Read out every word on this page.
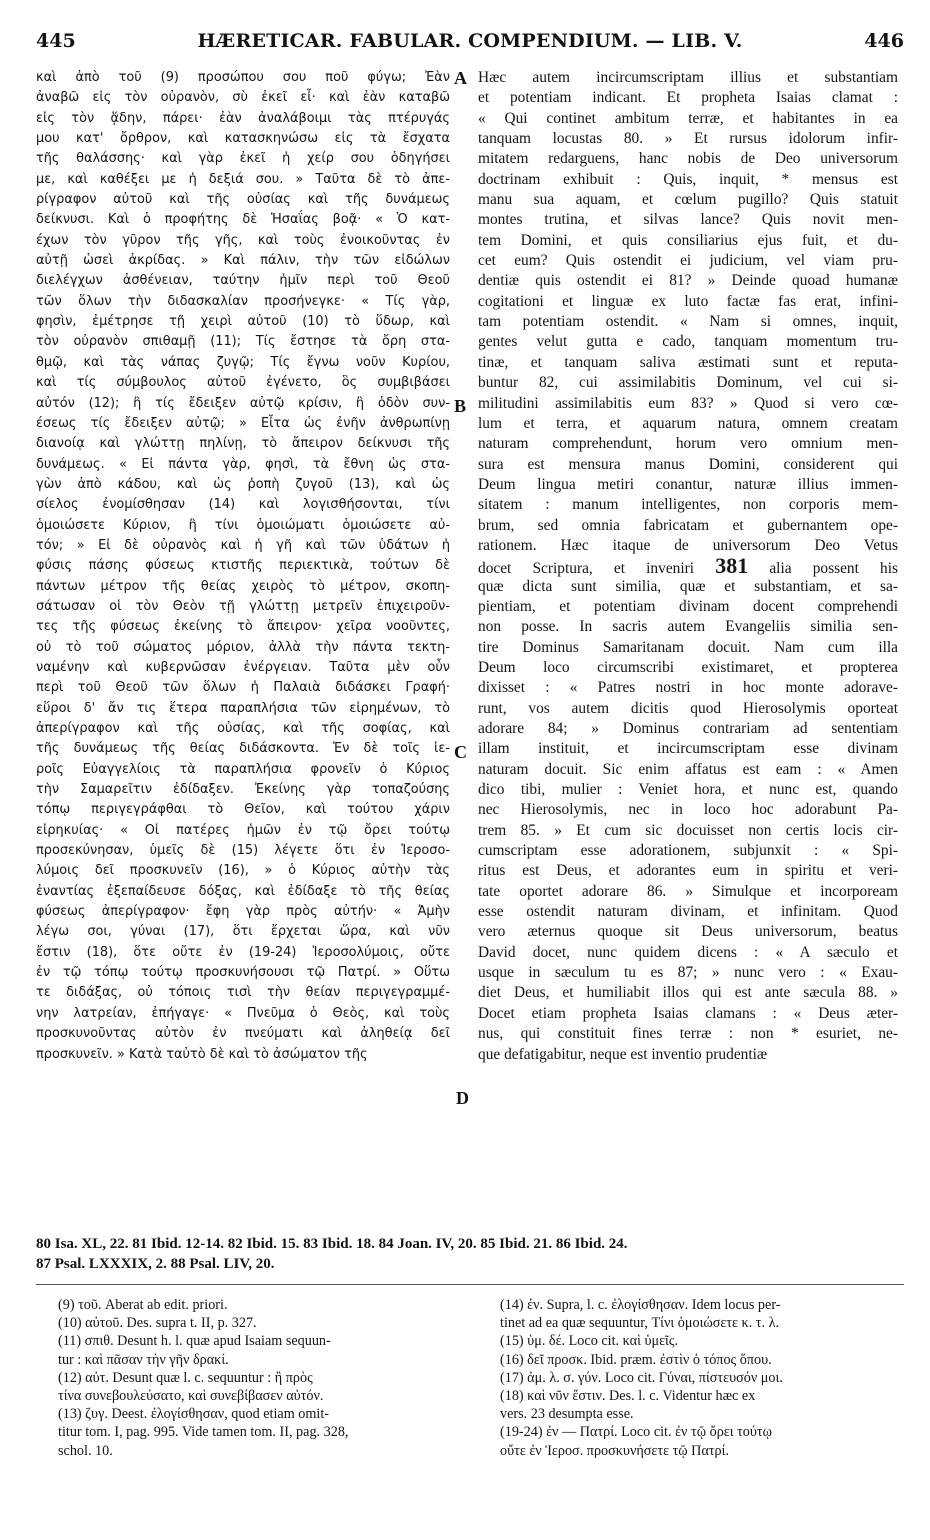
445	HÆRETICAR. FABULAR. COMPENDIUM. — LIB. V.	446
καὶ ἀπὸ τοῦ (9) προσώπου σου ποῦ φύγω; Ἐὰν
ἀναβῶ εἰς τὸν οὐρανὸν, σὺ ἐκεῖ εἶ· καὶ ἐὰν καταβῶ
εἰς τὸν ᾅδην, πάρει· ἐὰν ἀναλάβοιμι τὰς πτέρυγάς
μου κατ' ὄρθρον, καὶ κατασκηνώσω εἰς τὰ ἔσχατα
τῆς θαλάσσης· καὶ γὰρ ἐκεῖ ἡ χείρ σου ὁδηγήσει
με, καὶ καθέξει με ἡ δεξιά σου. » Ταῦτα δὲ τὸ ἀπε-
ρίγραφον αὐτοῦ καὶ τῆς οὐσίας καὶ τῆς δυνάμεως
δείκνυσι. Καὶ ὁ προφήτης δὲ Ἡσαΐας βοᾷ· « Ὁ κατ-
έχων τὸν γῦρον τῆς γῆς, καὶ τοὺς ἐνοικοῦντας ἐν
αὐτῇ ὡσεὶ ἀκρίδας. » Καὶ πάλιν, τὴν τῶν εἰδώλων
διελέγχων ἀσθένειαν, ταύτην ἡμῖν περὶ τοῦ Θεοῦ
τῶν ὅλων τὴν διδασκαλίαν προσήνεγκε· « Τίς γὰρ,
φησὶν, ἐμέτρησε τῇ χειρὶ αὐτοῦ (10) τὸ ὕδωρ, καὶ
τὸν οὐρανὸν σπιθαμῇ (11); Τίς ἔστησε τὰ ὄρη στα-
θμῷ, καὶ τὰς νάπας ζυγῷ; Τίς ἔγνω νοῦν Κυρίου,
καὶ τίς σύμβουλος αὐτοῦ ἐγένετο, ὃς συμβιβάσει
αὐτόν (12); ἢ τίς ἔδειξεν αὐτῷ κρίσιν, ἢ ὁδὸν συν-
έσεως τίς ἔδειξεν αὐτῷ; » Εἶτα ὡς ἐνῆν ἀνθρωπίνῃ
διανοίᾳ καὶ γλώττῃ πηλίνῃ, τὸ ἄπειρον δείκνυσι τῆς
δυνάμεως. « Εἰ πάντα γὰρ, φησὶ, τὰ ἔθνη ὡς στα-
γὼν ἀπὸ κάδου, καὶ ὡς ῥοπὴ ζυγοῦ (13), καὶ ὡς
σίελος ἐνομίσθησαν (14) καὶ λογισθήσονται, τίνι
ὁμοιώσετε Κύριον, ἢ τίνι ὁμοιώματι ὁμοιώσετε αὐ-
τόν; » Εἰ δὲ οὐρανὸς καὶ ἡ γῆ καὶ τῶν ὑδάτων ἡ
φύσις πάσης φύσεως κτιστῆς περιεκτικὰ, τούτων δὲ
πάντων μέτρον τῆς θείας χειρὸς τὸ μέτρον, σκοπη-
σάτωσαν οἱ τὸν Θεὸν τῇ γλώττῃ μετρεῖν ἐπιχειροῦν-
τες τῆς φύσεως ἐκείνης τὸ ἄπειρον· χεῖρα νοοῦντες,
οὐ τὸ τοῦ σώματος μόριον, ἀλλὰ τὴν πάντα τεκτη-
ναμένην καὶ κυβερνῶσαν ἐνέργειαν. Ταῦτα μὲν οὖν
περὶ τοῦ Θεοῦ τῶν ὅλων ἡ Παλαιὰ διδάσκει Γραφή·
εὕροι δ' ἄν τις ἕτερα παραπλήσια τῶν εἰρημένων, τὸ
ἀπερίγραφον καὶ τῆς οὐσίας, καὶ τῆς σοφίας, καὶ
τῆς δυνάμεως τῆς θείας διδάσκοντα. Ἐν δὲ τοῖς ἱε-
ροῖς Εὐαγγελίοις τὰ παραπλήσια φρονεῖν ὁ Κύριος
τὴν Σαμαρεῖτιν ἐδίδαξεν. Ἐκείνης γὰρ τοπαζούσης
τόπῳ περιγεγράφθαι τὸ Θεῖον, καὶ τούτου χάριν
εἰρηκυίας· « Οἱ πατέρες ἡμῶν ἐν τῷ ὄρει τούτῳ
προσεκύνησαν, ὑμεῖς δὲ (15) λέγετε ὅτι ἐν Ἱεροσο-
λύμοις δεῖ προσκυνεῖν (16), » ὁ Κύριος αὐτὴν τὰς
ἐναντίας ἐξεπαίδευσε δόξας, καὶ ἐδίδαξε τὸ τῆς θείας
φύσεως ἀπερίγραφον· ἔφη γὰρ πρὸς αὐτήν· « Ἀμὴν
λέγω σοι, γύναι (17), ὅτι ἔρχεται ὥρα, καὶ νῦν
ἔστιν (18), ὅτε οὔτε ἐν (19-24) Ἱεροσολύμοις, οὔτε
ἐν τῷ τόπῳ τούτῳ προσκυνήσουσι τῷ Πατρί. » Οὕτω
τε διδάξας, οὐ τόποις τισὶ τὴν θείαν περιγεγραμμέ-
νην λατρείαν, ἐπήγαγε· « Πνεῦμα ὁ Θεὸς, καὶ τοὺς
προσκυνοῦντας αὐτὸν ἐν πνεύματι καὶ ἀληθείᾳ δεῖ
προσκυνεῖν. » Κατὰ ταὐτὸ δὲ καὶ τὸ ἀσώματον τῆς
Hæc autem incircumscriptam illius et substantiam
et potentiam indicant. Et propheta Isaias clamat :
« Qui continet ambitum terræ, et habitantes in ea
tanquam locustas 80. » Et rursus idolorum infir-
mitatem redarguens, hanc nobis de Deo universorum
doctrinam exhibuit : Quis, inquit, * mensus est
manu sua aquam, et cœlum pugillo? Quis statuit
montes trutina, et silvas lance? Quis novit men-
tem Domini, et quis consiliarius ejus fuit, et du-
cet eum? Quis ostendit ei judicium, vel viam pru-
dentiæ quis ostendit ei 81? » Deinde quoad humanæ
cogitationi et linguæ ex luto factæ fas erat, infini-
tam potentiam ostendit. « Nam si omnes, inquit,
gentes velut gutta e cado, tanquam momentum tru-
tinæ, et tanquam saliva æstimati sunt et reputa-
buntur 82, cui assimilabitis Dominum, vel cui si-
militudini assimilabitis eum 83? » Quod si vero cœ-
lum et terra, et aquarum natura, omnem creatam
naturam comprehendunt, horum vero omnium men-
sura est mensura manus Domini, considerent qui
Deum lingua metiri conantur, naturæ illius immen-
sitatem : manum intelligentes, non corporis mem-
brum, sed omnia fabricatam et gubernantem ope-
rationem. Hæc itaque de universorum Deo Vetus
docet Scriptura, et inveniri 381 alia possent his
quæ dicta sunt similia, quæ et substantiam, et sa-
pientiam, et potentiam divinam docent comprehendi
non posse. In sacris autem Evangeliis similia sen-
tire Dominus Samaritanam docuit. Nam cum illa
Deum loco circumscribi existimaret, et propterea
dixisset : « Patres nostri in hoc monte adorave-
runt, vos autem dicitis quod Hierosolymis oporteat
adorare 84; » Dominus contrariam ad sententiam
illam instituit, et incircumscriptam esse divinam
naturam docuit. Sic enim affatus est eam : « Amen
dico tibi, mulier : Veniet hora, et nunc est, quando
nec Hierosolymis, nec in loco hoc adorabunt Pa-
trem 85. » Et cum sic docuisset non certis locis cir-
cumscriptam esse adorationem, subjunxit : « Spi-
ritus est Deus, et adorantes eum in spiritu et veri-
tate oportet adorare 86. » Simulque et incorpoream
esse ostendit naturam divinam, et infinitam. Quod
vero æternus quoque sit Deus universorum, beatus
David docet, nunc quidem dicens : « A sæculo et
usque in sæculum tu es 87; » nunc vero : « Exau-
diet Deus, et humiliabit illos qui est ante sæcula 88. »
Docet etiam propheta Isaias clamans : « Deus æter-
nus, qui constituit fines terræ : non * esuriet, ne-
que defatigabitur, neque est inventio prudentiæ
A
B
C
D
80 Isa. XL, 22. 81 Ibid. 12-14. 82 Ibid. 15. 83 Ibid. 18. 84 Joan. IV, 20. 85 Ibid. 21. 86 Ibid. 24.
87 Psal. LXXXIX, 2. 88 Psal. LIV, 20.
(9) τοῦ. Aberat ab edit. priori.
(10) αὐτοῦ. Des. supra t. II, p. 327.
(11) σπιθ. Desunt h. l. quæ apud Isaiam sequun-
tur : καὶ πᾶσαν τὴν γῆν δρακί.
(12) αὐτ. Desunt quæ l. c. sequuntur : ἢ πρὸς
τίνα συνεβουλεύσατο, καὶ συνεβίβασεν αὐτόν.
(13) ζυγ. Deest. ἐλογίσθησαν, quod etiam omit-
titur tom. I, pag. 995. Vide tamen tom. II, pag. 328,
schol. 10.
(14) ἐν. Supra, l. c. ἐλογίσθησαν. Idem locus per-
tinet ad ea quæ sequuntur, Τίνι ὁμοιώσετε κ. τ. λ.
(15) ὑμ. δέ. Loco cit. καὶ ὑμεῖς.
(16) δεῖ προσκ. Ibid. præm. ἐστὶν ὁ τόπος ὅπου.
(17) ἀμ. λ. σ. γύν. Loco cit. Γύναι, πίστευσόν μοι.
(18) καὶ νῦν ἔστιν. Des. l. c. Videntur hæc ex
vers. 23 desumpta esse.
(19-24) ἐν — Πατρί. Loco cit. ἐν τῷ ὄρει τούτῳ
οὔτε ἐν Ἱεροσ. προσκυνήσετε τῷ Πατρί.
